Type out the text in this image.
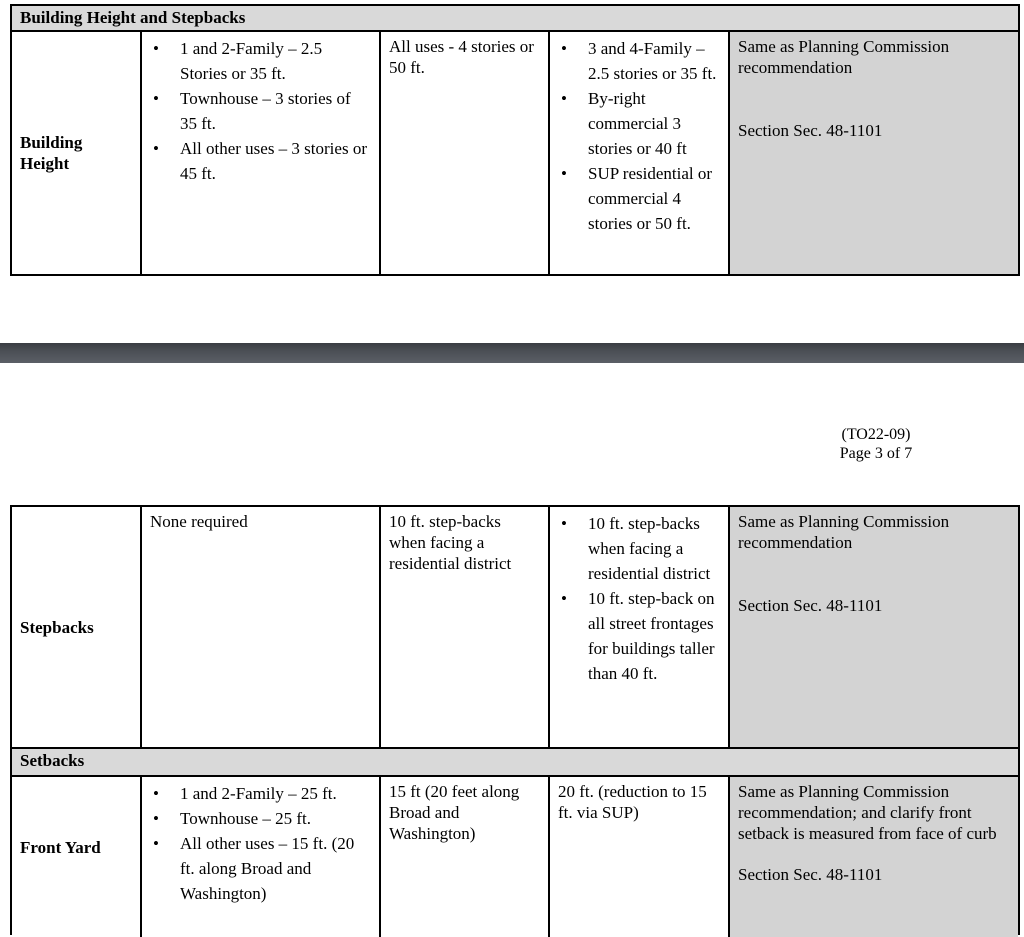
Building Height and Stepbacks
Building Height
• 1 and 2-Family – 2.5 Stories or 35 ft.
• Townhouse – 3 stories of 35 ft.
• All other uses – 3 stories or 45 ft.
All uses - 4 stories or 50 ft.
• 3 and 4-Family – 2.5 stories or 35 ft.
• By-right commercial 3 stories or 40 ft
• SUP residential or commercial 4 stories or 50 ft.
Same as Planning Commission recommendation
Section Sec. 48-1101
(TO22-09)
Page 3 of 7
Stepbacks
None required	10 ft. step-backs when facing a residential district
• 10 ft. step-backs when facing a residential district
• 10 ft. step-back on all street frontages for buildings taller than 40 ft.
Same as Planning Commission recommendation
Section Sec. 48-1101
Setbacks
Front Yard
• 1 and 2-Family – 25 ft.
• Townhouse – 25 ft.
• All other uses – 15 ft. (20 ft. along Broad and Washington)
15 ft (20 feet along Broad and Washington)
20 ft. (reduction to 15 ft. via SUP)
Same as Planning Commission recommendation; and clarify front setback is measured from face of curb
Section Sec. 48-1101
